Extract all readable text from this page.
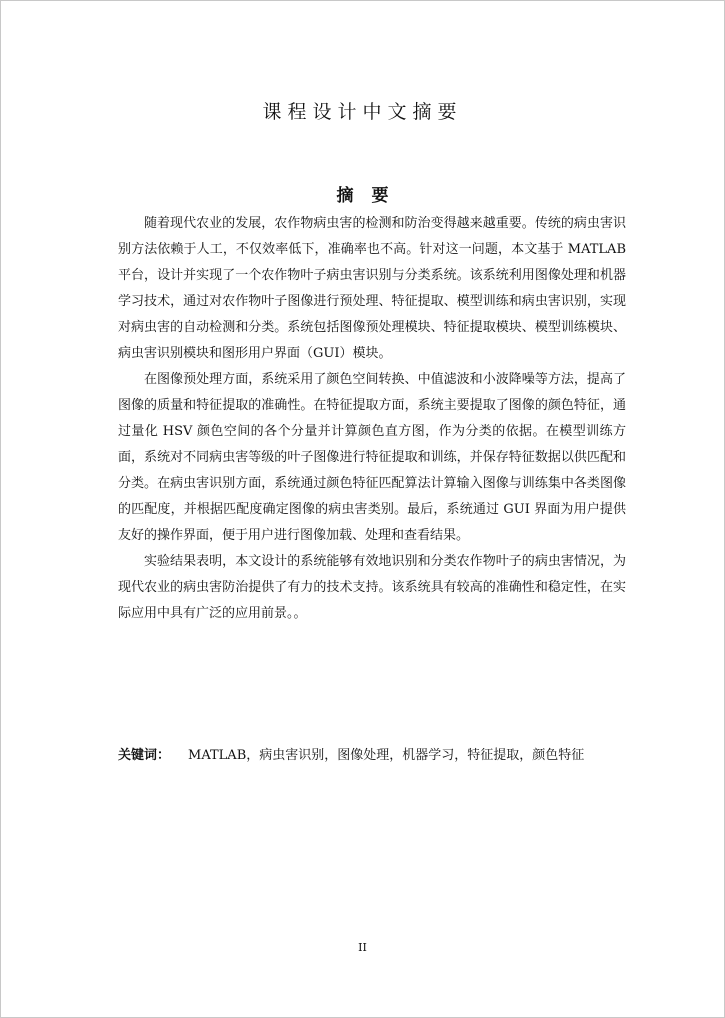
课程设计中文摘要
摘要

随着现代农业的发展，农作物病虫害的检测和防治变得越来越重要。传统的病虫害识别方法依赖于人工，不仅效率低下，准确率也不高。针对这一问题，本文基于 MATLAB 平台，设计并实现了一个农作物叶子病虫害识别与分类系统。该系统利用图像处理和机器学习技术，通过对农作物叶子图像进行预处理、特征提取、模型训练和病虫害识别，实现对病虫害的自动检测和分类。系统包括图像预处理模块、特征提取模块、模型训练模块、病虫害识别模块和图形用户界面（GUI）模块。

在图像预处理方面，系统采用了颜色空间转换、中值滤波和小波降噪等方法，提高了图像的质量和特征提取的准确性。在特征提取方面，系统主要提取了图像的颜色特征，通过量化 HSV 颜色空间的各个分量并计算颜色直方图，作为分类的依据。在模型训练方面，系统对不同病虫害等级的叶子图像进行特征提取和训练，并保存特征数据以供匹配和分类。在病虫害识别方面，系统通过颜色特征匹配算法计算输入图像与训练集中各类图像的匹配度，并根据匹配度确定图像的病虫害类别。最后，系统通过 GUI 界面为用户提供友好的操作界面，便于用户进行图像加载、处理和查看结果。

实验结果表明，本文设计的系统能够有效地识别和分类农作物叶子的病虫害情况，为现代农业的病虫害防治提供了有力的技术支持。该系统具有较高的准确性和稳定性，在实际应用中具有广泛的应用前景。。

关键词： MATLAB，病虫害识别，图像处理，机器学习，特征提取，颜色特征
II
